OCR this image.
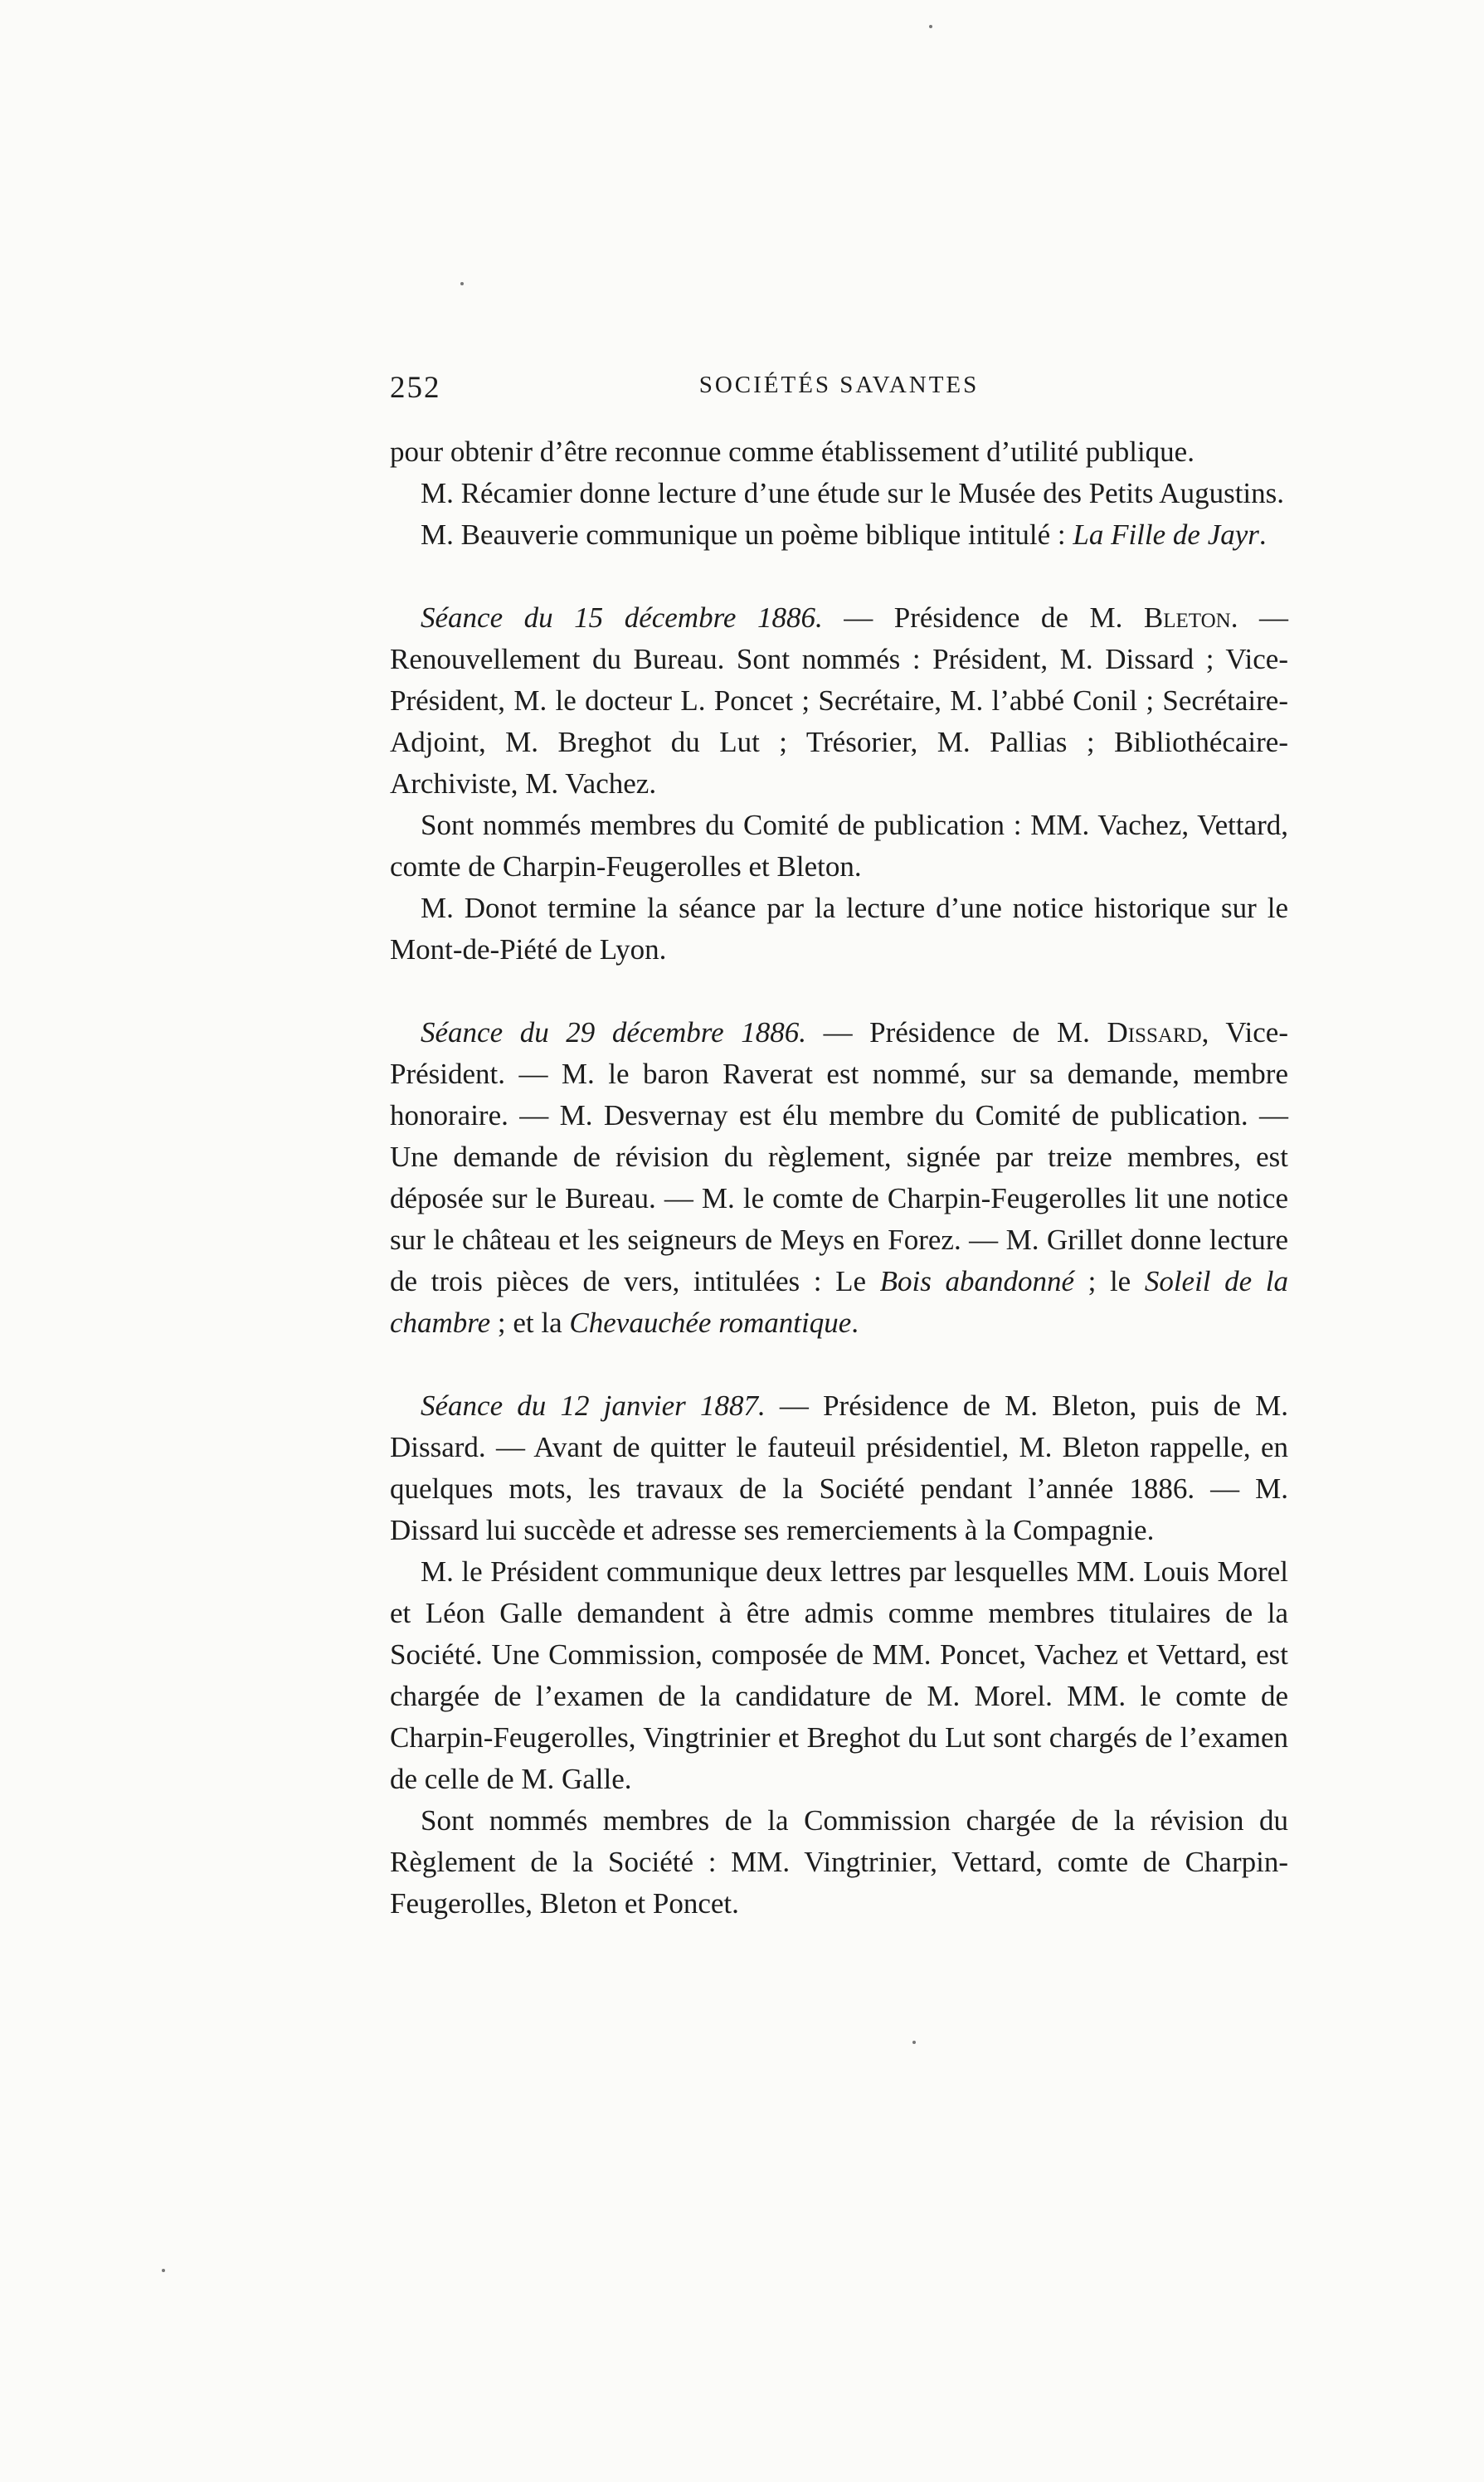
252	SOCIÉTÉS SAVANTES

pour obtenir d’être reconnue comme établissement d’utilité publique.

M. Récamier donne lecture d’une étude sur le Musée des Petits Augustins.

M. Beauverie communique un poème biblique intitulé : La Fille de Jayr.

Séance du 15 décembre 1886. — Présidence de M. Bleton. — Renouvellement du Bureau. Sont nommés : Président, M. Dissard ; Vice-Président, M. le docteur L. Poncet ; Secrétaire, M. l’abbé Conil ; Secrétaire-Adjoint, M. Breghot du Lut ; Trésorier, M. Pallias ; Bibliothécaire-Archiviste, M. Vachez.

Sont nommés membres du Comité de publication : MM. Vachez, Vettard, comte de Charpin-Feugerolles et Bleton.

M. Donot termine la séance par la lecture d’une notice historique sur le Mont-de-Piété de Lyon.

Séance du 29 décembre 1886. — Présidence de M. Dissard, Vice-Président. — M. le baron Raverat est nommé, sur sa demande, membre honoraire. — M. Desvernay est élu membre du Comité de publication. — Une demande de révision du règlement, signée par treize membres, est déposée sur le Bureau. — M. le comte de Charpin-Feugerolles lit une notice sur le château et les seigneurs de Meys en Forez. — M. Grillet donne lecture de trois pièces de vers, intitulées : Le Bois abandonné ; le Soleil de la chambre ; et la Chevauchée romantique.

Séance du 12 janvier 1887. — Présidence de M. Bleton, puis de M. Dissard. — Avant de quitter le fauteuil présidentiel, M. Bleton rappelle, en quelques mots, les travaux de la Société pendant l’année 1886. — M. Dissard lui succède et adresse ses remerciements à la Compagnie.

M. le Président communique deux lettres par lesquelles MM. Louis Morel et Léon Galle demandent à être admis comme membres titulaires de la Société. Une Commission, composée de MM. Poncet, Vachez et Vettard, est chargée de l’examen de la candidature de M. Morel. MM. le comte de Charpin-Feugerolles, Vingtrinier et Breghot du Lut sont chargés de l’examen de celle de M. Galle.

Sont nommés membres de la Commission chargée de la révision du Règlement de la Société : MM. Vingtrinier, Vettard, comte de Charpin-Feugerolles, Bleton et Poncet.
